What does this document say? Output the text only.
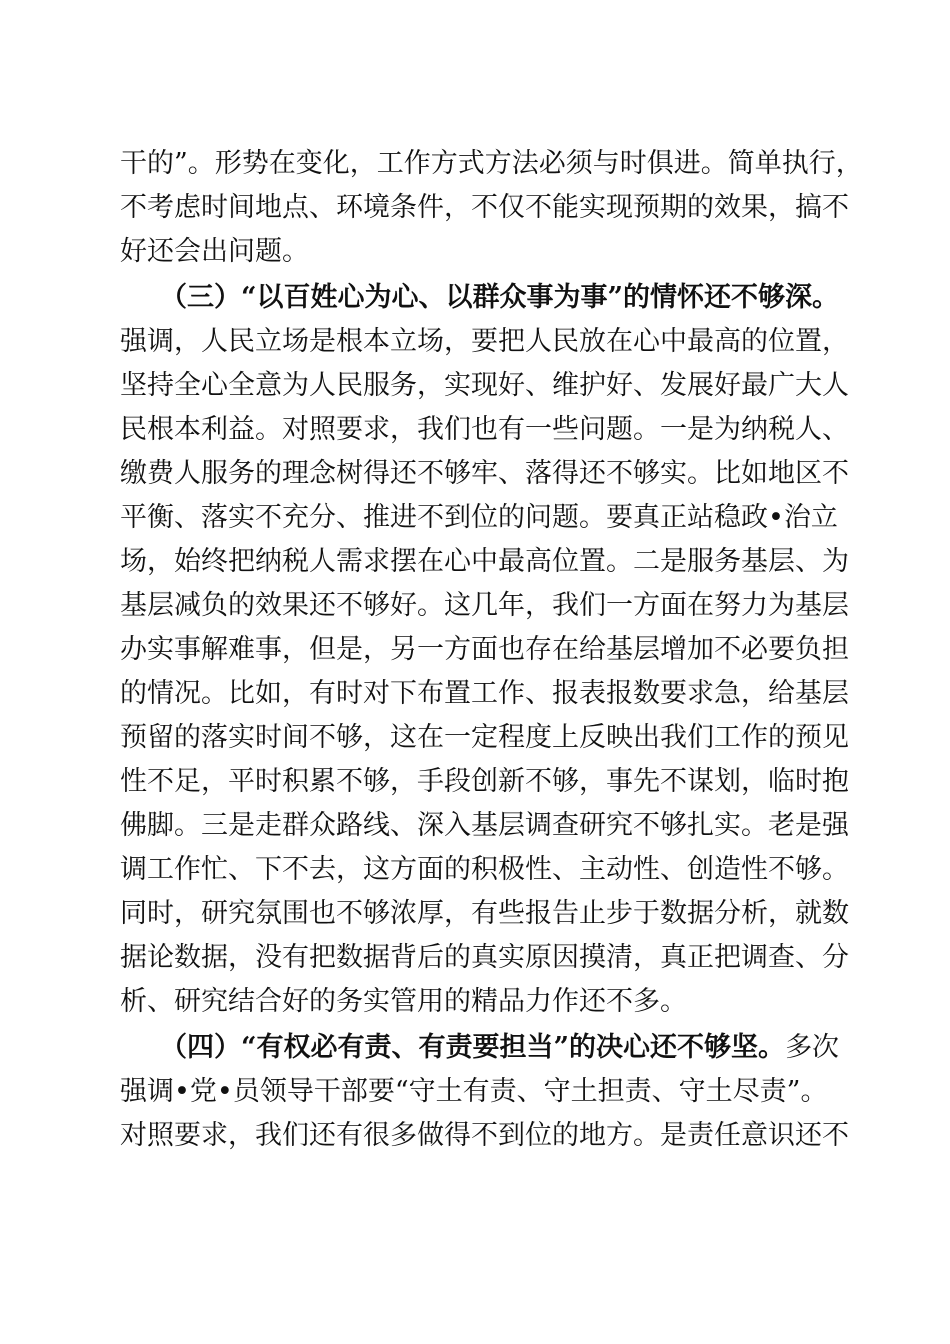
干的”。形势在变化，工作方式方法必须与时俱进。简单执行，
不考虑时间地点、环境条件，不仅不能实现预期的效果，搞不
好还会出问题。
（三）“以百姓心为心、以群众事为事”的情怀还不够深。
强调，人民立场是根本立场，要把人民放在心中最高的位置，
坚持全心全意为人民服务，实现好、维护好、发展好最广大人
民根本利益。对照要求，我们也有一些问题。一是为纳税人、
缴费人服务的理念树得还不够牢、落得还不够实。比如地区不
平衡、落实不充分、推进不到位的问题。要真正站稳政•治立
场，始终把纳税人需求摆在心中最高位置。二是服务基层、为
基层减负的效果还不够好。这几年，我们一方面在努力为基层
办实事解难事，但是，另一方面也存在给基层增加不必要负担
的情况。比如，有时对下布置工作、报表报数要求急，给基层
预留的落实时间不够，这在一定程度上反映出我们工作的预见
性不足，平时积累不够，手段创新不够，事先不谋划，临时抱
佛脚。三是走群众路线、深入基层调查研究不够扎实。老是强
调工作忙、下不去，这方面的积极性、主动性、创造性不够。
同时，研究氛围也不够浓厚，有些报告止步于数据分析，就数
据论数据，没有把数据背后的真实原因摸清，真正把调查、分
析、研究结合好的务实管用的精品力作还不多。
（四）“有权必有责、有责要担当”的决心还不够坚。多次
强调•党•员领导干部要“守土有责、守土担责、守土尽责”。
对照要求，我们还有很多做得不到位的地方。是责任意识还不
